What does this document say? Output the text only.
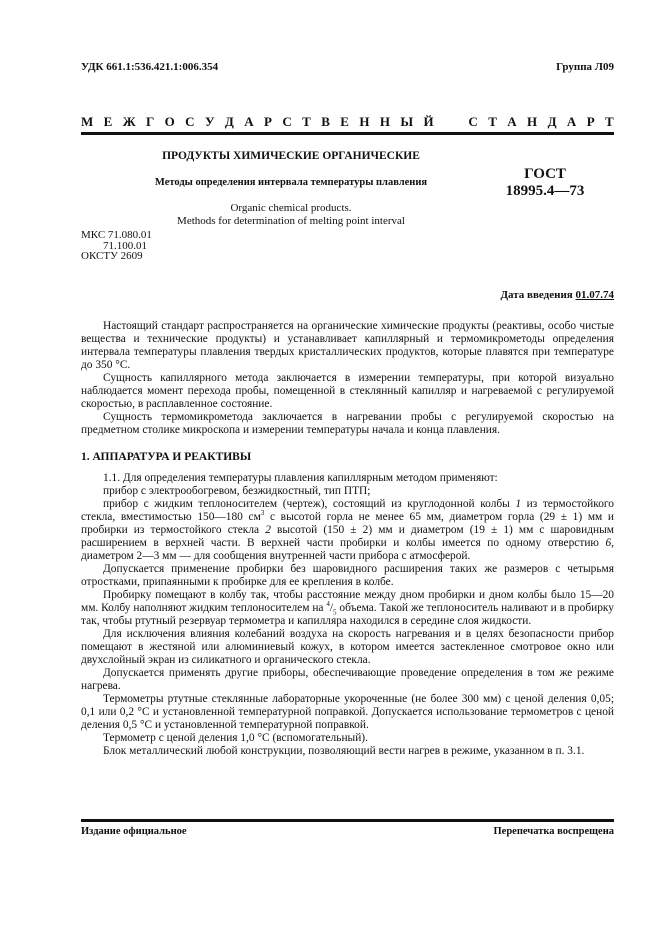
УДК 661.1:536.421.1:006.354	Группа Л09
М Е Ж Г О С У Д А Р С Т В Е Н Н Ы Й	С Т А Н Д А Р Т
ПРОДУКТЫ ХИМИЧЕСКИЕ ОРГАНИЧЕСКИЕ
Методы определения интервала температуры плавления
ГОСТ
18995.4—73
Organic chemical products.
Methods for determination of melting point interval
МКС 71.080.01
71.100.01
ОКСТУ 2609
Дата введения 01.07.74

Настоящий стандарт распространяется на органические химические продукты (реактивы, особо чистые вещества и технические продукты) и устанавливает капиллярный и термомикрометоды определения интервала температуры плавления твердых кристаллических продуктов, которые плавятся при температуре до 350 °С.

Сущность капиллярного метода заключается в измерении температуры, при которой визуально наблюдается момент перехода пробы, помещенной в стеклянный капилляр и нагреваемой с регулируемой скоростью, в расплавленное состояние.

Сущность термомикрометода заключается в нагревании пробы с регулируемой скоростью на предметном столике микроскопа и измерении температуры начала и конца плавления.

1. АППАРАТУРА И РЕАКТИВЫ

1.1. Для определения температуры плавления капиллярным методом применяют:

прибор с электрообогревом, безжидкостный, тип ПТП;

прибор с жидким теплоносителем (чертеж), состоящий из круглодонной колбы 1 из термостойкого стекла, вместимостью 150—180 $см^3$ с высотой горла не менее 65 мм, диаметром горла (29 ± 1) мм и пробирки из термостойкого стекла 2 высотой (150 ± 2) мм и диаметром (19 ± 1) мм с шаровидным расширением в верхней части. В верхней части пробирки и колбы имеется по одному отверстию 6, диаметром 2—3 мм — для сообщения внутренней части прибора с атмосферой.

Допускается применение пробирки без шаровидного расширения таких же размеров с четырьмя отростками, припаянными к пробирке для ее крепления в колбе.

Пробирку помещают в колбу так, чтобы расстояние между дном пробирки и дном колбы было 15—20 мм. Колбу наполняют жидким теплоносителем на $^4/_5$ объема. Такой же теплоноситель наливают и в пробирку так, чтобы ртутный резервуар термометра и капилляра находился в середине слоя жидкости.

Для исключения влияния колебаний воздуха на скорость нагревания и в целях безопасности прибор помещают в жестяной или алюминиевый кожух, в котором имеется застекленное смотровое окно или двухслойный экран из силикатного и органического стекла.

Допускается применять другие приборы, обеспечивающие проведение определения в том же режиме нагрева.

Термометры ртутные стеклянные лабораторные укороченные (не более 300 мм) с ценой деления 0,05; 0,1 или 0,2 °С и установленной температурной поправкой. Допускается использование термометров с ценой деления 0,5 °С и установленной температурной поправкой.

Термометр с ценой деления 1,0 °С (вспомогательный).

Блок металлический любой конструкции, позволяющий вести нагрев в режиме, указанном в п. 3.1.

Издание официальное	Перепечатка воспрещена
